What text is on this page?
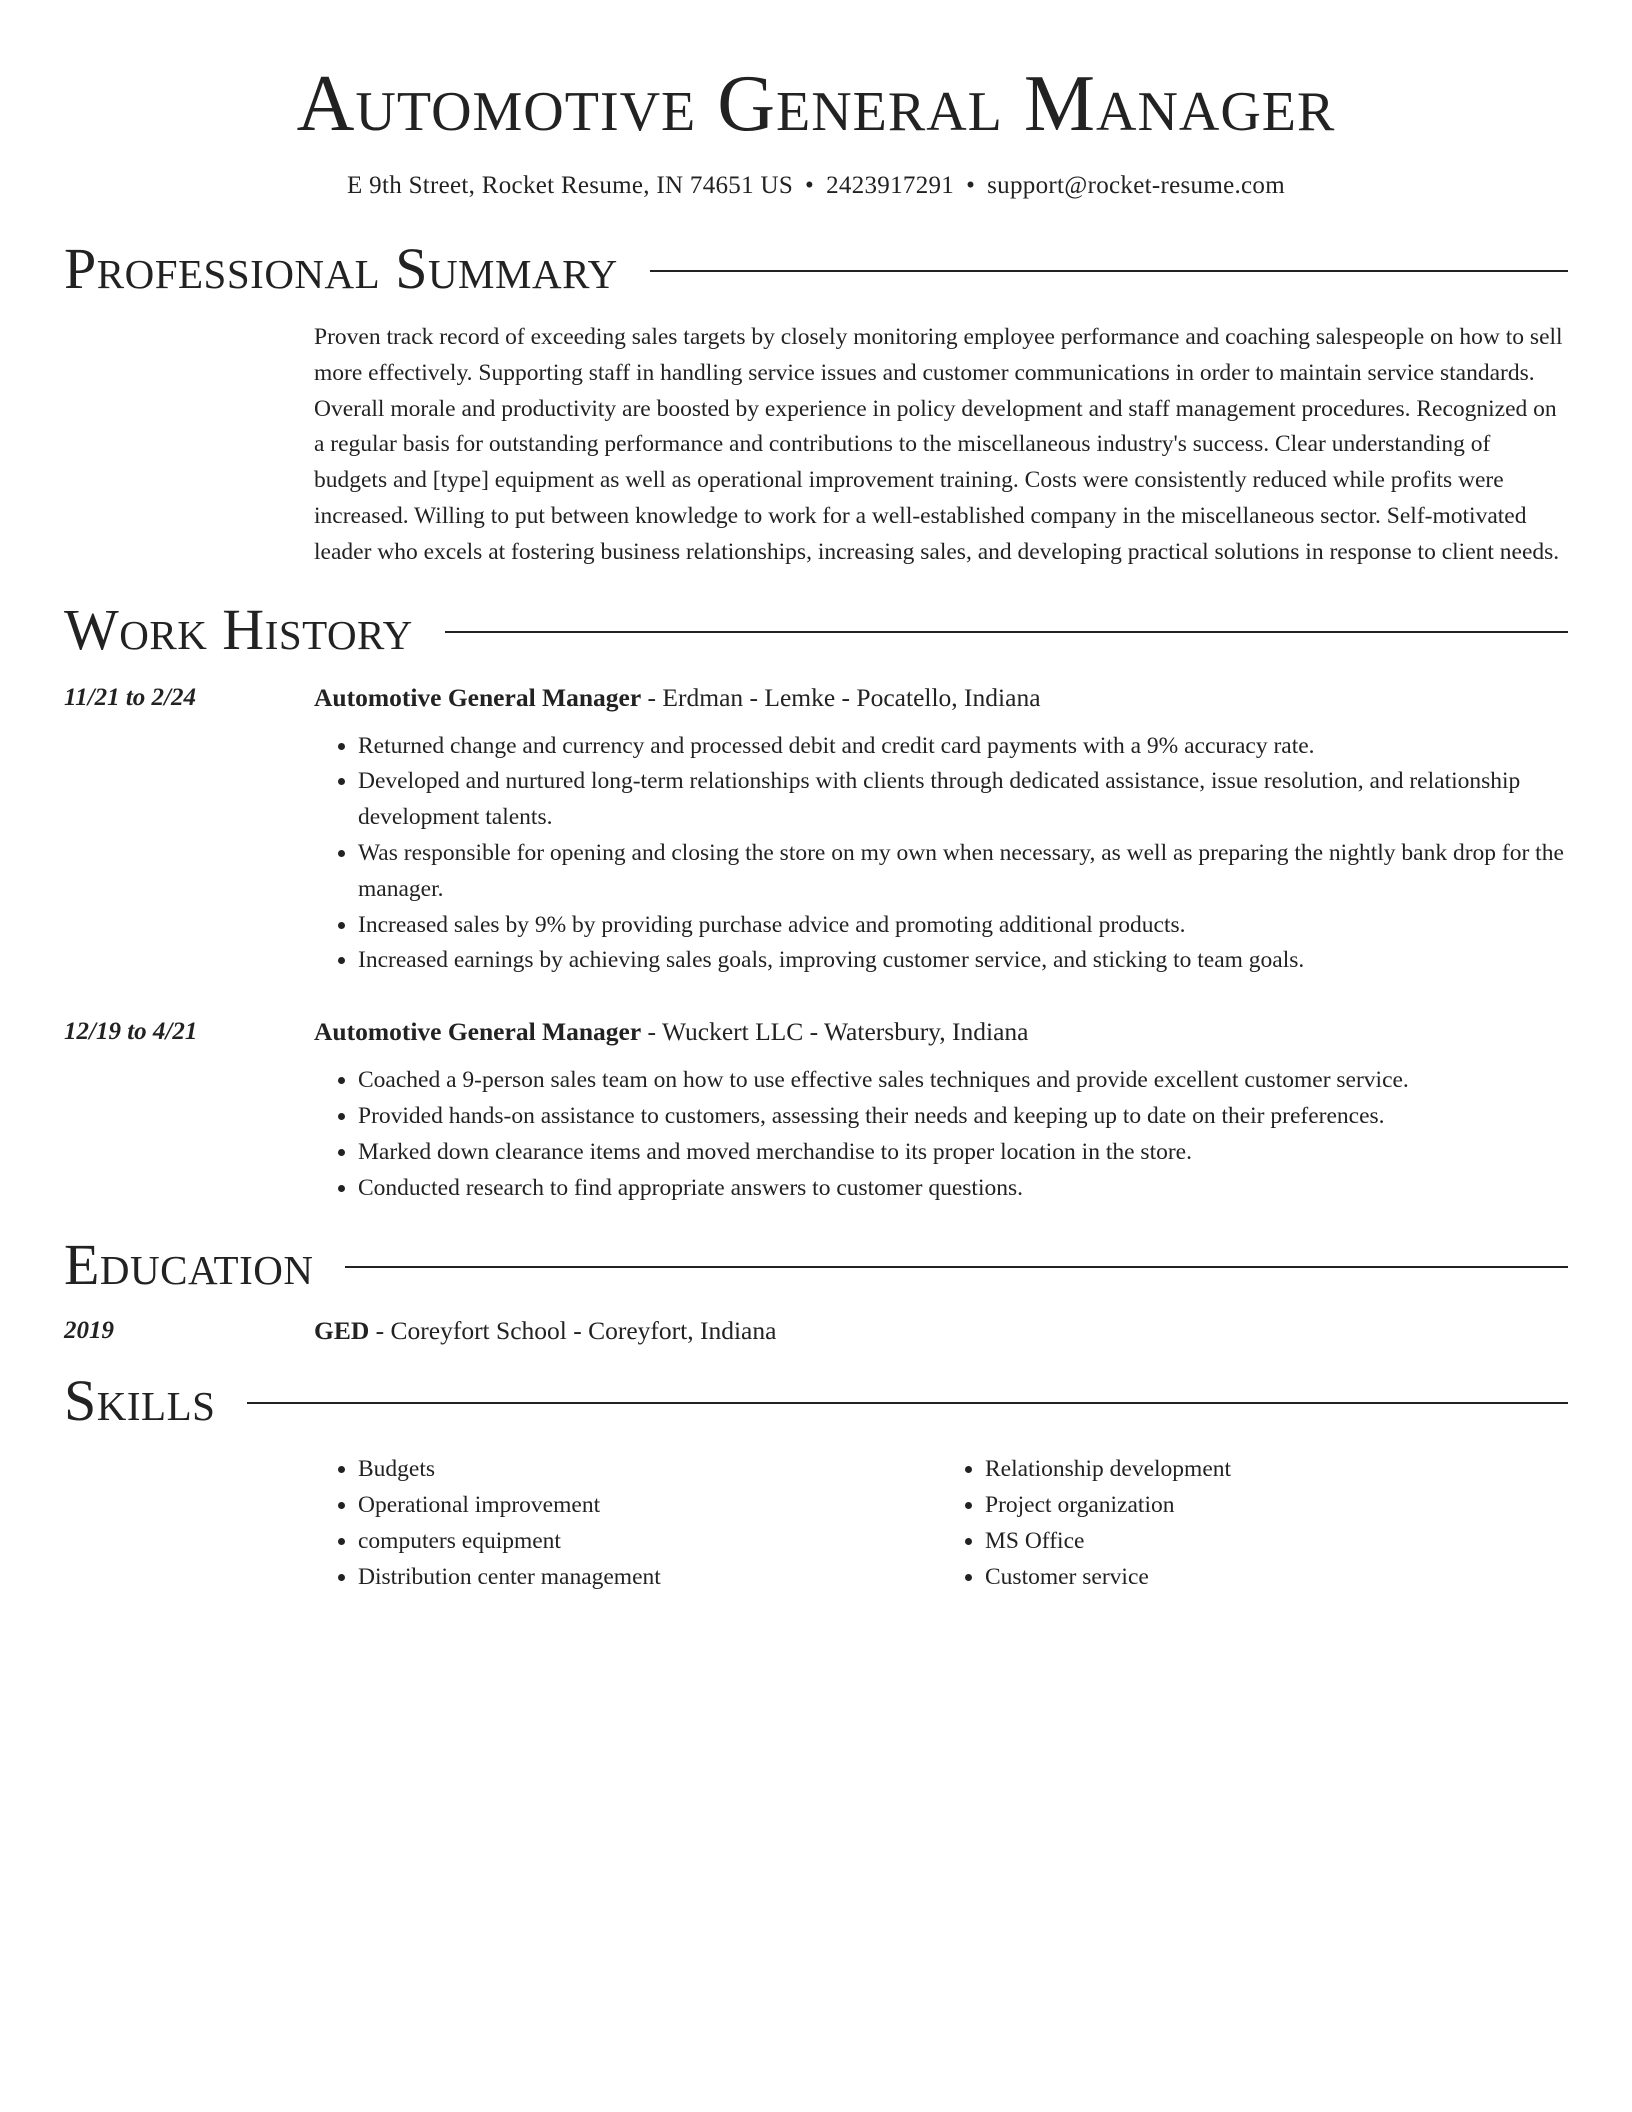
Automotive General Manager
E 9th Street, Rocket Resume, IN 74651 US • 2423917291 • support@rocket-resume.com
Professional Summary
Proven track record of exceeding sales targets by closely monitoring employee performance and coaching salespeople on how to sell more effectively. Supporting staff in handling service issues and customer communications in order to maintain service standards. Overall morale and productivity are boosted by experience in policy development and staff management procedures. Recognized on a regular basis for outstanding performance and contributions to the miscellaneous industry's success. Clear understanding of budgets and [type] equipment as well as operational improvement training. Costs were consistently reduced while profits were increased. Willing to put between knowledge to work for a well-established company in the miscellaneous sector. Self-motivated leader who excels at fostering business relationships, increasing sales, and developing practical solutions in response to client needs.
Work History
11/21 to 2/24	Automotive General Manager - Erdman - Lemke - Pocatello, Indiana
• Returned change and currency and processed debit and credit card payments with a 9% accuracy rate.
• Developed and nurtured long-term relationships with clients through dedicated assistance, issue resolution, and relationship development talents.
• Was responsible for opening and closing the store on my own when necessary, as well as preparing the nightly bank drop for the manager.
• Increased sales by 9% by providing purchase advice and promoting additional products.
• Increased earnings by achieving sales goals, improving customer service, and sticking to team goals.
12/19 to 4/21	Automotive General Manager - Wuckert LLC - Watersbury, Indiana
• Coached a 9-person sales team on how to use effective sales techniques and provide excellent customer service.
• Provided hands-on assistance to customers, assessing their needs and keeping up to date on their preferences.
• Marked down clearance items and moved merchandise to its proper location in the store.
• Conducted research to find appropriate answers to customer questions.
Education
2019	GED - Coreyfort School - Coreyfort, Indiana
Skills
• Budgets
• Operational improvement
• computers equipment
• Distribution center management
• Relationship development
• Project organization
• MS Office
• Customer service
